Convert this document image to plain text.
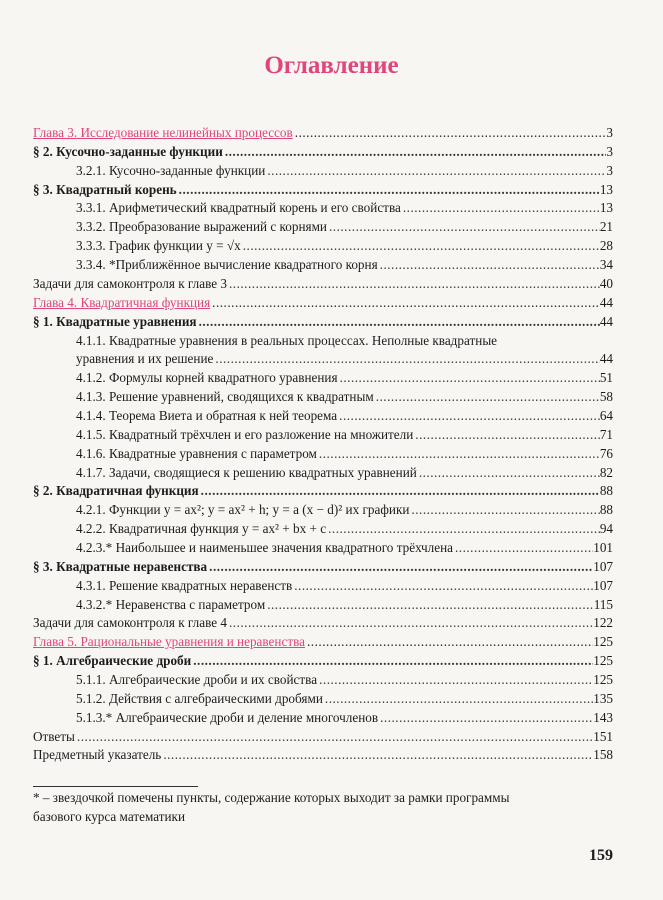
Оглавление
Глава 3. Исследование нелинейных процессов .....	3
§ 2. Кусочно-заданные функции .....	3
3.2.1. Кусочно-заданные функции .....	3
§ 3. Квадратный корень .....	13
3.3.1. Арифметический квадратный корень и его свойства .....	13
3.3.2. Преобразование выражений с корнями .....	21
3.3.3. График функции y = √x .....	28
3.3.4. *Приближённое вычисление квадратного корня .....	34
Задачи для самоконтроля к главе 3 .....	40
Глава 4. Квадратичная функция .....	44
§ 1. Квадратные уравнения .....	44
4.1.1. Квадратные уравнения в реальных процессах. Неполные квадратные
уравнения и их решение .....	44
4.1.2. Формулы корней квадратного уравнения .....	51
4.1.3. Решение уравнений, сводящихся к квадратным .....	58
4.1.4. Теорема Виета и обратная к ней теорема .....	64
4.1.5. Квадратный трёхчлен и его разложение на множители .....	71
4.1.6. Квадратные уравнения с параметром .....	76
4.1.7. Задачи, сводящиеся к решению квадратных уравнений .....	82
§ 2. Квадратичная функция .....	88
4.2.1. Функции y = ax²; y = ax² + h; y = a (x − d)² их графики .....	88
4.2.2. Квадратичная функция y = ax² + bx + c .....	94
4.2.3.* Наибольшее и наименьшее значения квадратного трёхчлена .....	101
§ 3. Квадратные неравенства .....	107
4.3.1. Решение квадратных неравенств .....	107
4.3.2.* Неравенства с параметром .....	115
Задачи для самоконтроля к главе 4 .....	122
Глава 5. Рациональные уравнения и неравенства .....	125
§ 1. Алгебраические дроби .....	125
5.1.1. Алгебраические дроби и их свойства .....	125
5.1.2. Действия с алгебраическими дробями .....	135
5.1.3.* Алгебраические дроби и деление многочленов .....	143
Ответы .....	151
Предметный указатель .....	158
* – звездочкой помечены пункты, содержание которых выходит за рамки программы
базового курса математики
159
